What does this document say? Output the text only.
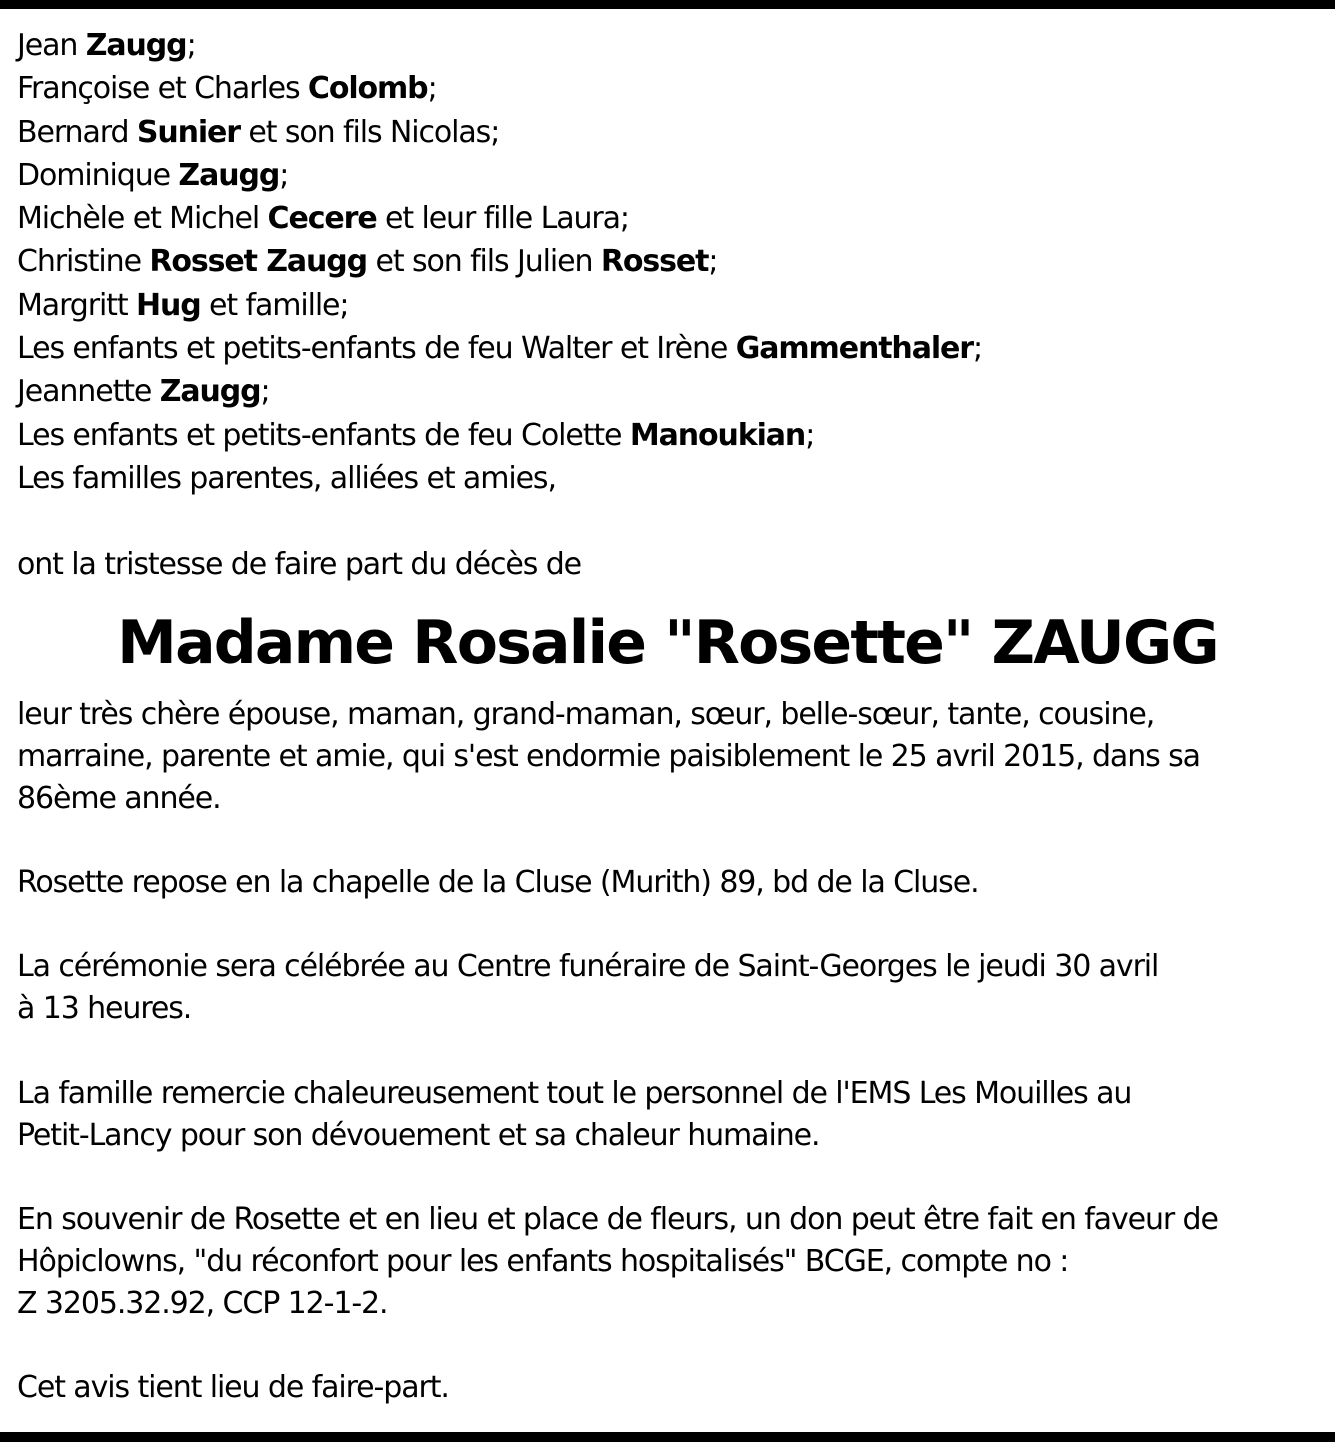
Jean Zaugg;
Françoise et Charles Colomb;
Bernard Sunier et son fils Nicolas;
Dominique Zaugg;
Michèle et Michel Cecere et leur fille Laura;
Christine Rosset Zaugg et son fils Julien Rosset;
Margritt Hug et famille;
Les enfants et petits-enfants de feu Walter et Irène Gammenthaler;
Jeannette Zaugg;
Les enfants et petits-enfants de feu Colette Manoukian;
Les familles parentes, alliées et amies,

ont la tristesse de faire part du décès de

Madame Rosalie "Rosette" ZAUGG

leur très chère épouse, maman, grand-maman, sœur, belle-sœur, tante, cousine,
marraine, parente et amie, qui s'est endormie paisiblement le 25 avril 2015, dans sa
86ème année.

Rosette repose en la chapelle de la Cluse (Murith) 89, bd de la Cluse.

La cérémonie sera célébrée au Centre funéraire de Saint-Georges le jeudi 30 avril
à 13 heures.

La famille remercie chaleureusement tout le personnel de l'EMS Les Mouilles au
Petit-Lancy pour son dévouement et sa chaleur humaine.

En souvenir de Rosette et en lieu et place de fleurs, un don peut être fait en faveur de
Hôpiclowns, "du réconfort pour les enfants hospitalisés" BCGE, compte no :
Z 3205.32.92, CCP 12-1-2.

Cet avis tient lieu de faire-part.
